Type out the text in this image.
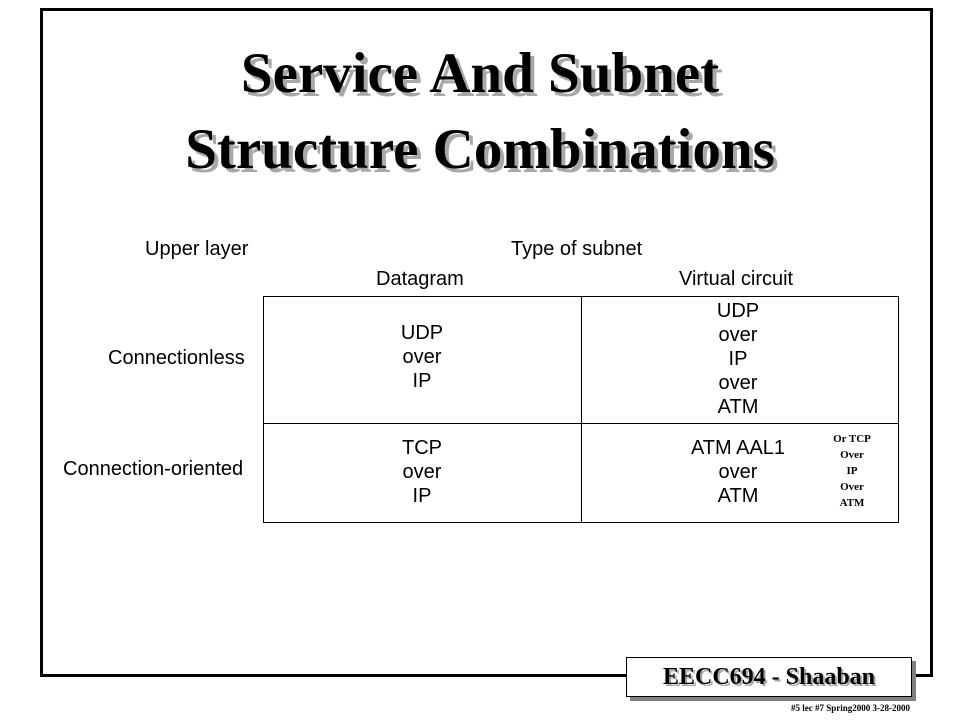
Service And Subnet
Structure Combinations
Upper layer	Type of subnet
Datagram	Virtual circuit
Connectionless
Connection-oriented
UDP
over
IP
UDP
over
IP
over
ATM
TCP
over
IP
ATM AAL1
over
ATM
Or TCP
Over
IP
Over
ATM
EECC694 - Shaaban
#5 lec #7 Spring2000 3-28-2000
